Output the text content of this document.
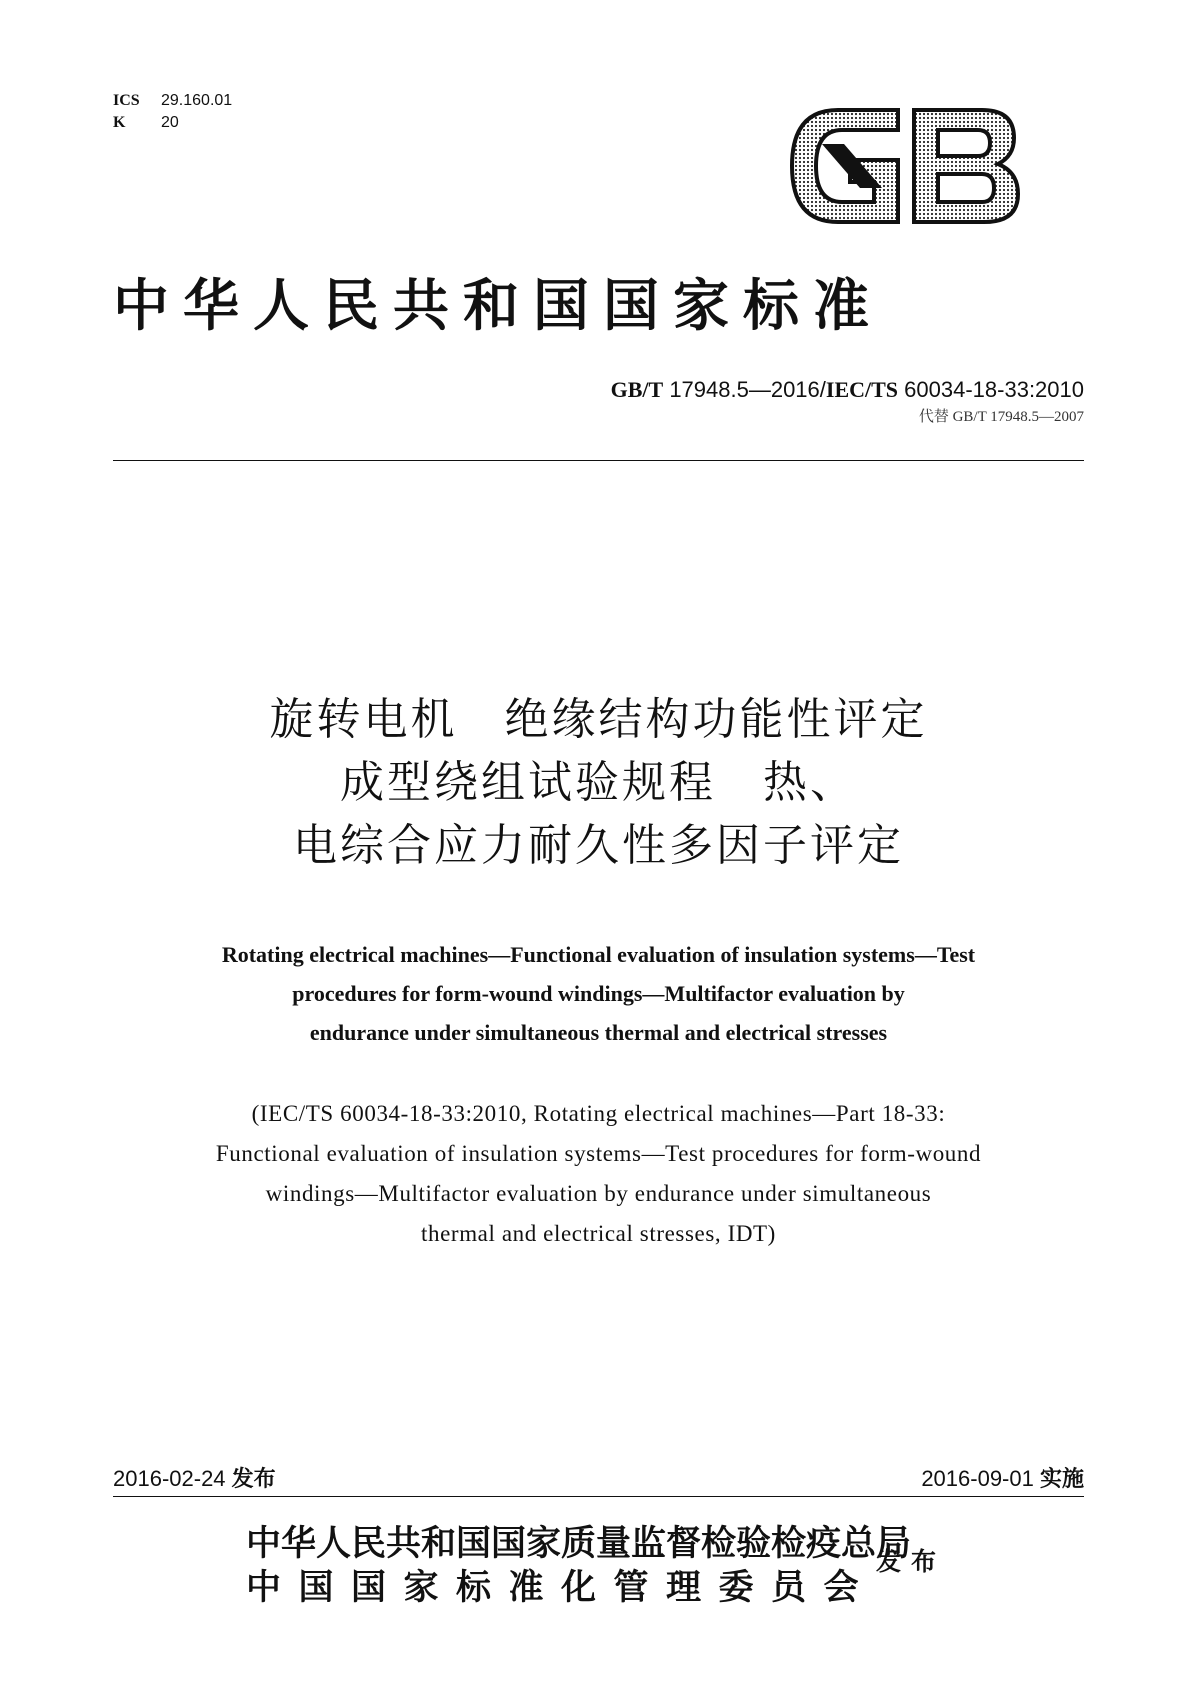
ICS	29.160.01
K	20
中华人民共和国国家标准
GB/T 17948.5—2016/IEC/TS 60034-18-33:2010
代替 GB/T 17948.5—2007
旋转电机　绝缘结构功能性评定
成型绕组试验规程　热、
电综合应力耐久性多因子评定
Rotating electrical machines—Functional evaluation of insulation systems—Test
procedures for form-wound windings—Multifactor evaluation by
endurance under simultaneous thermal and electrical stresses
(IEC/TS 60034-18-33:2010, Rotating electrical machines—Part 18-33:
Functional evaluation of insulation systems—Test procedures for form-wound
windings—Multifactor evaluation by endurance under simultaneous
thermal and electrical stresses, IDT)
2016-02-24 发布	2016-09-01 实施
中华人民共和国国家质量监督检验检疫总局
中国国家标准化管理委员会
发布
